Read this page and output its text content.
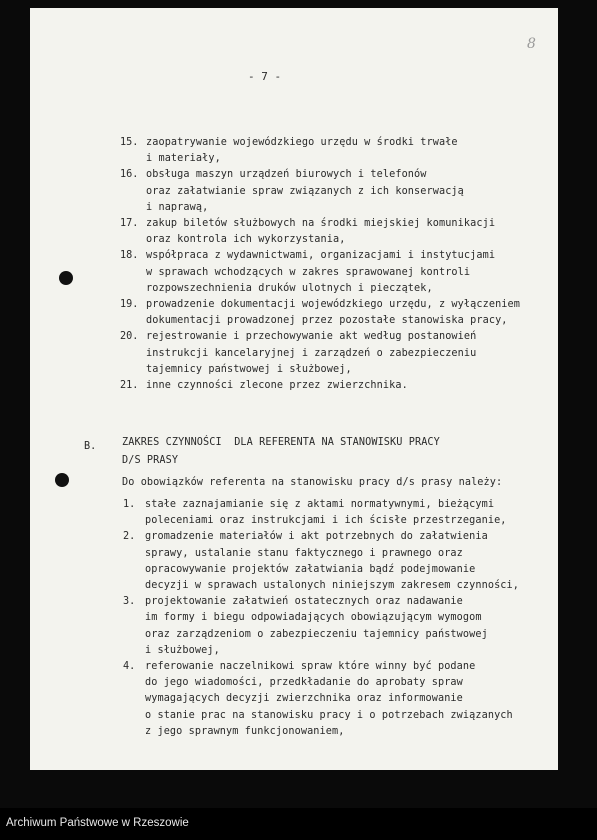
- 7 -
8
15. zaopatrywanie wojewódzkiego urzędu w środki trwałe
i materiały,
16. obsługa maszyn urządzeń biurowych i telefonów
oraz załatwianie spraw związanych z ich konserwacją
i naprawą,
17. zakup biletów służbowych na środki miejskiej komunikacji
oraz kontrola ich wykorzystania,
18. współpraca z wydawnictwami, organizacjami i instytucjami
w sprawach wchodzących w zakres sprawowanej kontroli
rozpowszechnienia druków ulotnych i pieczątek,
19. prowadzenie dokumentacji wojewódzkiego urzędu, z wyłączeniem
dokumentacji prowadzonej przez pozostałe stanowiska pracy,
20. rejestrowanie i przechowywanie akt według postanowień
instrukcji kancelaryjnej i zarządzeń o zabezpieczeniu
tajemnicy państwowej i służbowej,
21. inne czynności zlecone przez zwierzchnika.
B.	ZAKRES CZYNNOŚCI  DLA REFERENTA NA STANOWISKU PRACY
D/S PRASY
Do obowiązków referenta na stanowisku pracy d/s prasy należy:
1. stałe zaznajamianie się z aktami normatywnymi, bieżącymi
poleceniami oraz instrukcjami i ich ścisłe przestrzeganie,
2. gromadzenie materiałów i akt potrzebnych do załatwienia
sprawy, ustalanie stanu faktycznego i prawnego oraz
opracowywanie projektów załatwiania bądź podejmowanie
decyzji w sprawach ustalonych niniejszym zakresem czynności,
3. projektowanie załatwień ostatecznych oraz nadawanie
im formy i biegu odpowiadających obowiązującym wymogom
oraz zarządzeniom o zabezpieczeniu tajemnicy państwowej
i służbowej,
4. referowanie naczelnikowi spraw które winny być podane
do jego wiadomości, przedkładanie do aprobaty spraw
wymagających decyzji zwierzchnika oraz informowanie
o stanie prac na stanowisku pracy i o potrzebach związanych
z jego sprawnym funkcjonowaniem,
Archiwum Państwowe w Rzeszowie
